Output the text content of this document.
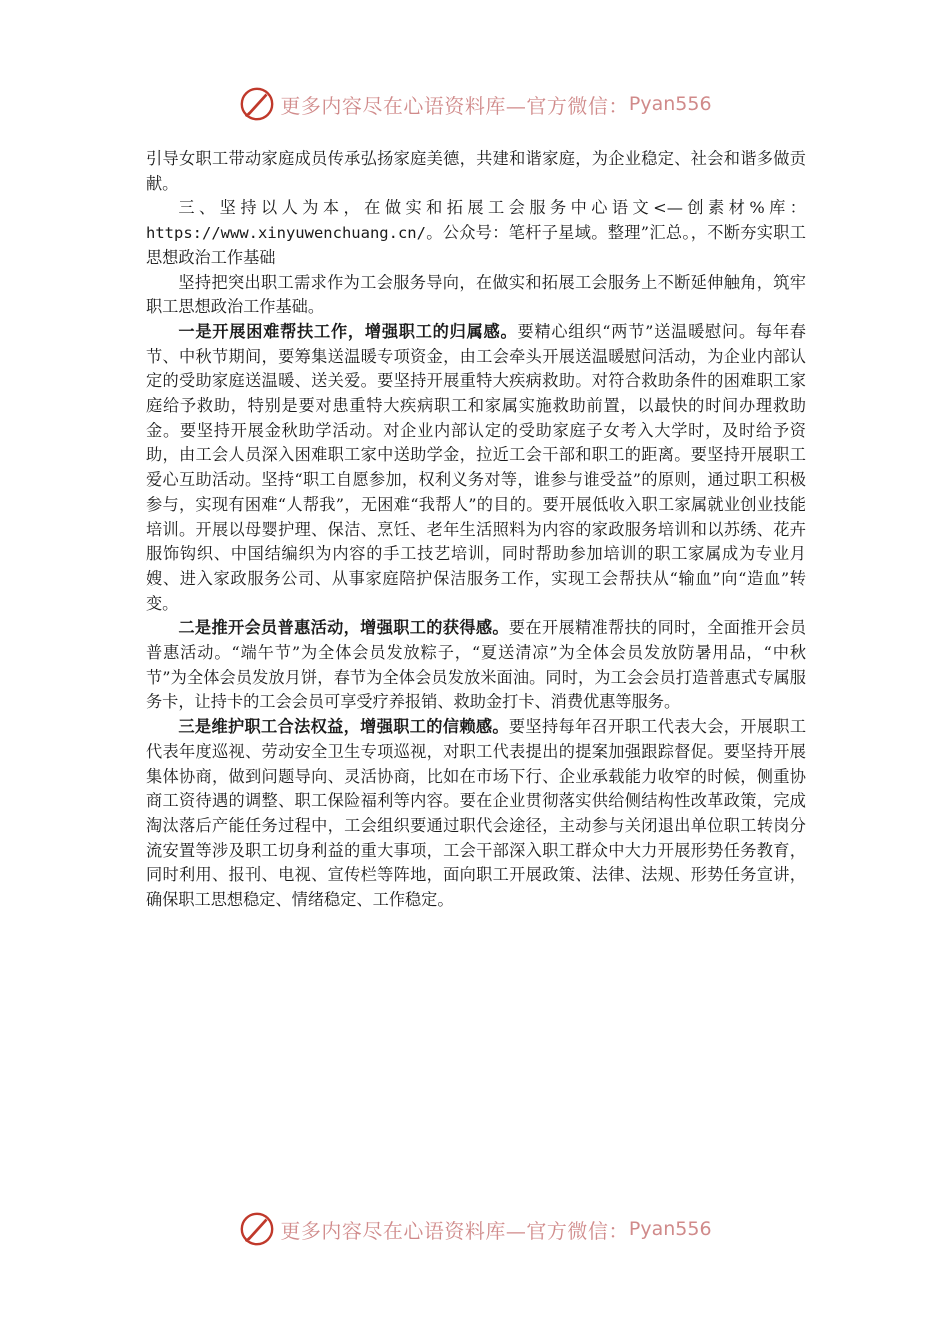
更多内容尽在心语资料库—官方微信： Pyan556

引导女职工带动家庭成员传承弘扬家庭美德，共建和谐家庭，为企业稳定、社会和谐多做贡献。

三、坚持以人为本，在做实和拓展工会服务中心语文<—创素材%库：https://www.xinyuwenchuang.cn/。公众号：笔杆子星域。整理”汇总。，不断夯实职工思想政治工作基础

坚持把突出职工需求作为工会服务导向，在做实和拓展工会服务上不断延伸触角，筑牢职工思想政治工作基础。

一是开展困难帮扶工作，增强职工的归属感。要精心组织“两节”送温暖慰问。每年春节、中秋节期间，要筹集送温暖专项资金，由工会牵头开展送温暖慰问活动，为企业内部认定的受助家庭送温暖、送关爱。要坚持开展重特大疾病救助。对符合救助条件的困难职工家庭给予救助，特别是要对患重特大疾病职工和家属实施救助前置，以最快的时间办理救助金。要坚持开展金秋助学活动。对企业内部认定的受助家庭子女考入大学时，及时给予资助，由工会人员深入困难职工家中送助学金，拉近工会干部和职工的距离。要坚持开展职工爱心互助活动。坚持“职工自愿参加，权利义务对等，谁参与谁受益”的原则，通过职工积极参与，实现有困难“人帮我”，无困难“我帮人”的目的。要开展低收入职工家属就业创业技能培训。开展以母婴护理、保洁、烹饪、老年生活照料为内容的家政服务培训和以苏绣、花卉服饰钩织、中国结编织为内容的手工技艺培训，同时帮助参加培训的职工家属成为专业月嫂、进入家政服务公司、从事家庭陪护保洁服务工作，实现工会帮扶从“输血”向“造血”转变。

二是推开会员普惠活动，增强职工的获得感。要在开展精准帮扶的同时，全面推开会员普惠活动。“端午节”为全体会员发放粽子，“夏送清凉”为全体会员发放防暑用品，“中秋节”为全体会员发放月饼，春节为全体会员发放米面油。同时，为工会会员打造普惠式专属服务卡，让持卡的工会会员可享受疗养报销、救助金打卡、消费优惠等服务。

三是维护职工合法权益，增强职工的信赖感。要坚持每年召开职工代表大会，开展职工代表年度巡视、劳动安全卫生专项巡视，对职工代表提出的提案加强跟踪督促。要坚持开展集体协商，做到问题导向、灵活协商，比如在市场下行、企业承载能力收窄的时候，侧重协商工资待遇的调整、职工保险福利等内容。要在企业贯彻落实供给侧结构性改革政策，完成淘汰落后产能任务过程中，工会组织要通过职代会途径，主动参与关闭退出单位职工转岗分流安置等涉及职工切身利益的重大事项，工会干部深入职工群众中大力开展形势任务教育，同时利用、报刊、电视、宣传栏等阵地，面向职工开展政策、法律、法规、形势任务宣讲，确保职工思想稳定、情绪稳定、工作稳定。

更多内容尽在心语资料库—官方微信： Pyan556
